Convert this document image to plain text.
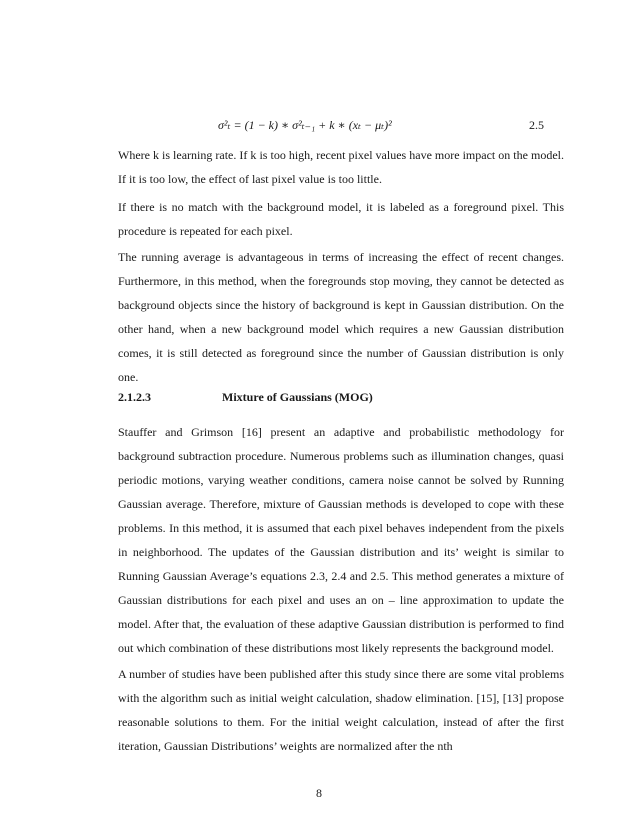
σ²ₜ = (1 − k) ∗ σ²ₜ₋₁ + k ∗ (xₜ − μₜ)²	2.5

Where k is learning rate. If k is too high, recent pixel values have more impact on the model. If it is too low, the effect of last pixel value is too little.

If there is no match with the background model, it is labeled as a foreground pixel. This procedure is repeated for each pixel.

The running average is advantageous in terms of increasing the effect of recent changes. Furthermore, in this method, when the foregrounds stop moving, they cannot be detected as background objects since the history of background is kept in Gaussian distribution. On the other hand, when a new background model which requires a new Gaussian distribution comes, it is still detected as foreground since the number of Gaussian distribution is only one.

2.1.2.3	Mixture of Gaussians (MOG)

Stauffer and Grimson [16] present an adaptive and probabilistic methodology for background subtraction procedure. Numerous problems such as illumination changes, quasi periodic motions, varying weather conditions, camera noise cannot be solved by Running Gaussian average. Therefore, mixture of Gaussian methods is developed to cope with these problems. In this method, it is assumed that each pixel behaves independent from the pixels in neighborhood. The updates of the Gaussian distribution and its’ weight is similar to Running Gaussian Average’s equations 2.3, 2.4 and 2.5. This method generates a mixture of Gaussian distributions for each pixel and uses an on – line approximation to update the model. After that, the evaluation of these adaptive Gaussian distribution is performed to find out which combination of these distributions most likely represents the background model.

A number of studies have been published after this study since there are some vital problems with the algorithm such as initial weight calculation, shadow elimination. [15], [13] propose reasonable solutions to them. For the initial weight calculation, instead of after the first iteration, Gaussian Distributions’ weights are normalized after the nth

8
